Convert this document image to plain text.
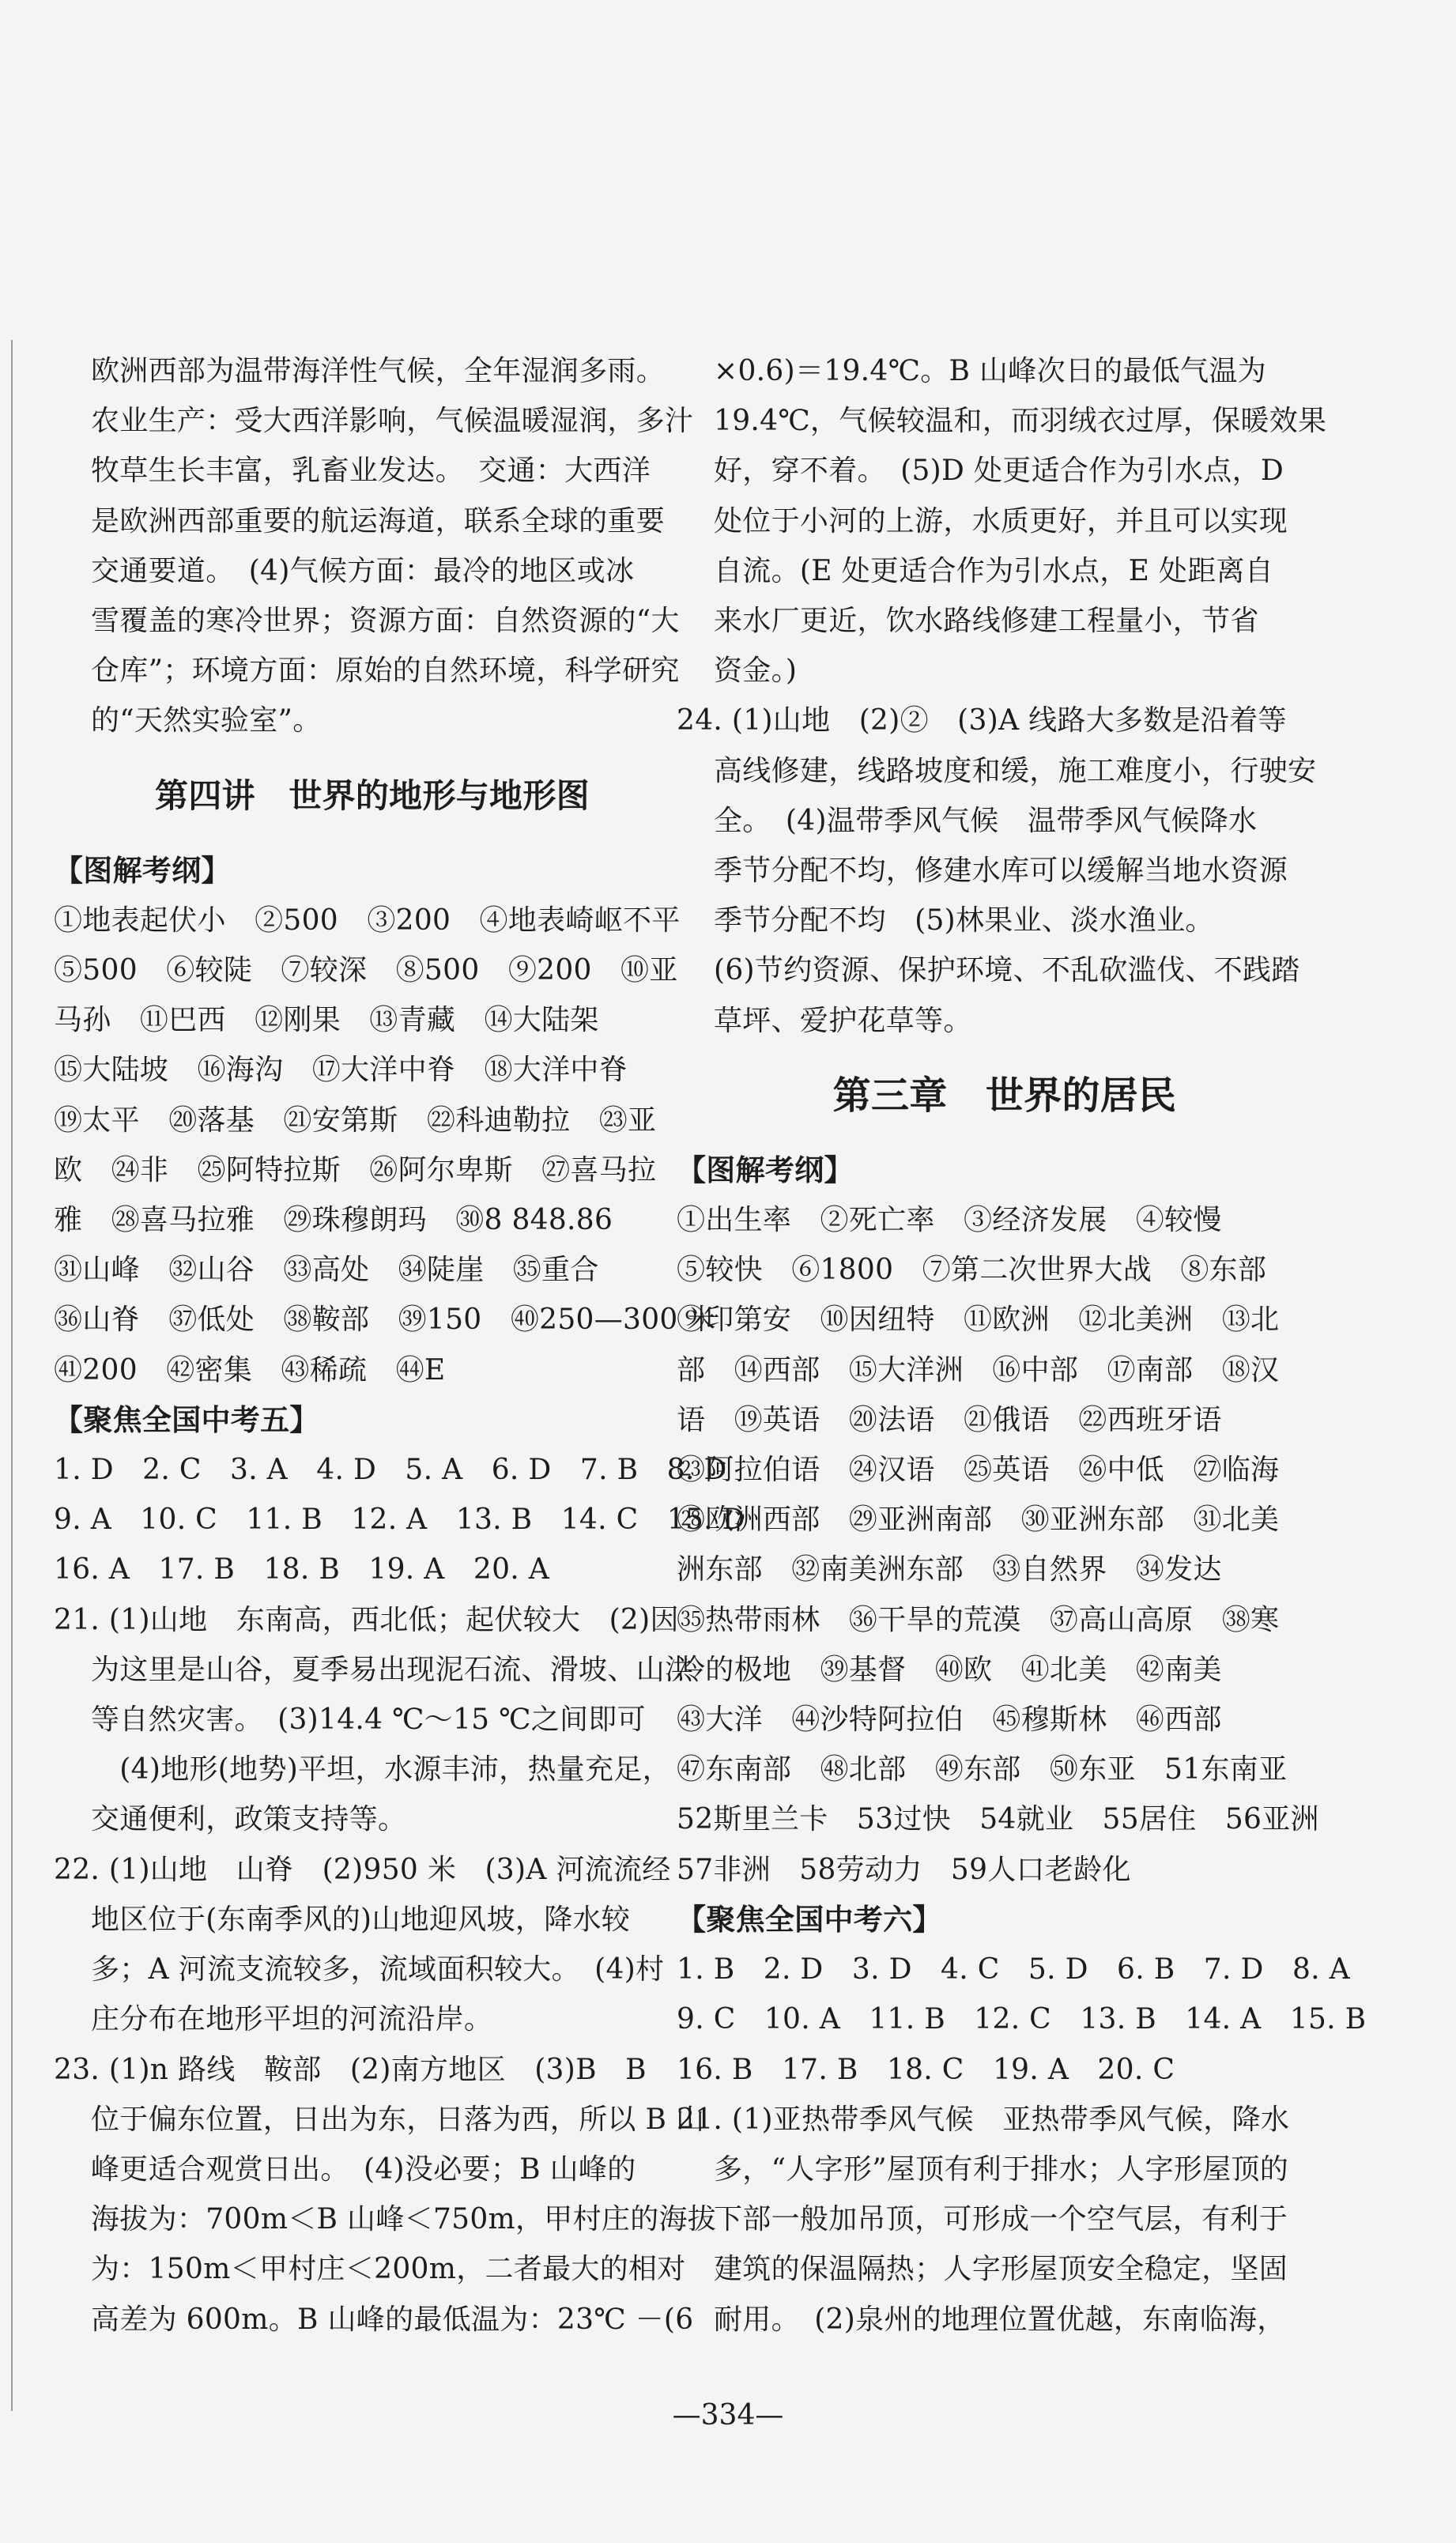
欧洲西部为温带海洋性气候，全年湿润多雨。
农业生产：受大西洋影响，气候温暖湿润，多汁
牧草生长丰富，乳畜业发达。　交通：大西洋
是欧洲西部重要的航运海道，联系全球的重要
交通要道。　(4)气候方面：最冷的地区或冰
雪覆盖的寒冷世界；资源方面：自然资源的“大
仓库”；环境方面：原始的自然环境，科学研究
的“天然实验室”。
第四讲　世界的地形与地形图
【图解考纲】
①地表起伏小　②500　③200　④地表崎岖不平
⑤500　⑥较陡　⑦较深　⑧500　⑨200　⑩亚
马孙　⑪巴西　⑫刚果　⑬青藏　⑭大陆架
⑮大陆坡　⑯海沟　⑰大洋中脊　⑱大洋中脊
⑲太平　⑳落基　㉑安第斯　㉒科迪勒拉　㉓亚
欧　㉔非　㉕阿特拉斯　㉖阿尔卑斯　㉗喜马拉
雅　㉘喜马拉雅　㉙珠穆朗玛　㉚8 848.86
㉛山峰　㉜山谷　㉝高处　㉞陡崖　㉟重合
㊱山脊　㊲低处　㊳鞍部　㊴150　㊵250—300 米
㊶200　㊷密集　㊸稀疏　㊹E
【聚焦全国中考五】
1. D　2. C　3. A　4. D　5. A　6. D　7. B　8. D9. A　10. C　11. B　12. A　13. B　14. C　15. D16. A　17. B　18. B　19. A　20. A21. (1)山地　东南高，西北低；起伏较大　(2)因
为这里是山谷，夏季易出现泥石流、滑坡、山洪
等自然灾害。　(3)14.4 ℃～15 ℃之间即可
　(4)地形(地势)平坦，水源丰沛，热量充足，
交通便利，政策支持等。
22. (1)山地　山脊　(2)950 米　(3)A 河流流经
地区位于(东南季风的)山地迎风坡，降水较
多；A 河流支流较多，流域面积较大。　(4)村
庄分布在地形平坦的河流沿岸。
23. (1)n 路线　鞍部　(2)南方地区　(3)B　B
位于偏东位置，日出为东，日落为西，所以 B 山
峰更适合观赏日出。　(4)没必要；B 山峰的
海拔为：700m＜B 山峰＜750m，甲村庄的海拔
为：150m＜甲村庄＜200m，二者最大的相对
高差为 600m。B 山峰的最低温为：23℃ －(6
×0.6)＝19.4℃。B 山峰次日的最低气温为
19.4℃，气候较温和，而羽绒衣过厚，保暖效果
好，穿不着。　(5)D 处更适合作为引水点，D
处位于小河的上游，水质更好，并且可以实现
自流。(E 处更适合作为引水点，E 处距离自
来水厂更近，饮水路线修建工程量小，节省
资金。)
24. (1)山地　(2)②　(3)A 线路大多数是沿着等
高线修建，线路坡度和缓，施工难度小，行驶安
全。　(4)温带季风气候　温带季风气候降水
季节分配不均，修建水库可以缓解当地水资源
季节分配不均　(5)林果业、淡水渔业。
(6)节约资源、保护环境、不乱砍滥伐、不践踏
草坪、爱护花草等。
第三章　世界的居民
【图解考纲】
①出生率　②死亡率　③经济发展　④较慢
⑤较快　⑥1800　⑦第二次世界大战　⑧东部
⑨印第安　⑩因纽特　⑪欧洲　⑫北美洲　⑬北
部　⑭西部　⑮大洋洲　⑯中部　⑰南部　⑱汉
语　⑲英语　⑳法语　㉑俄语　㉒西班牙语
㉓阿拉伯语　㉔汉语　㉕英语　㉖中低　㉗临海
㉘欧洲西部　㉙亚洲南部　㉚亚洲东部　㉛北美
洲东部　㉜南美洲东部　㉝自然界　㉞发达
㉟热带雨林　㊱干旱的荒漠　㊲高山高原　㊳寒
冷的极地　㊴基督　㊵欧　㊶北美　㊷南美
㊸大洋　㊹沙特阿拉伯　㊺穆斯林　㊻西部
㊼东南部　㊽北部　㊾东部　㊿东亚　51东南亚
52斯里兰卡　53过快　54就业　55居住　56亚洲
57非洲　58劳动力　59人口老龄化
【聚焦全国中考六】
1. B　2. D　3. D　4. C　5. D　6. B　7. D　8. A9. C　10. A　11. B　12. C　13. B　14. A　15. B16. B　17. B　18. C　19. A　20. C21. (1)亚热带季风气候　亚热带季风气候，降水
多，“人字形”屋顶有利于排水；人字形屋顶的
下部一般加吊顶，可形成一个空气层，有利于
建筑的保温隔热；人字形屋顶安全稳定，坚固
耐用。　(2)泉州的地理位置优越，东南临海，
—334—
